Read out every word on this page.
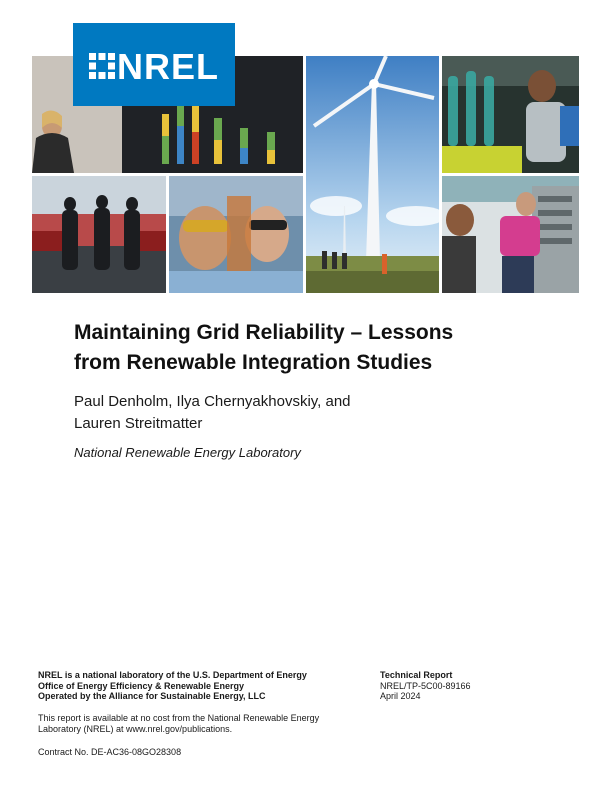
NREL
Maintaining Grid Reliability – Lessons
from Renewable Integration Studies
Paul Denholm, Ilya Chernyakhovskiy, and
Lauren Streitmatter
National Renewable Energy Laboratory
NREL is a national laboratory of the U.S. Department of Energy
Office of Energy Efficiency & Renewable Energy
Operated by the Alliance for Sustainable Energy, LLC
This report is available at no cost from the National Renewable Energy
Laboratory (NREL) at www.nrel.gov/publications.
Contract No. DE-AC36-08GO28308
Technical Report
NREL/TP-5C00-89166
April 2024
